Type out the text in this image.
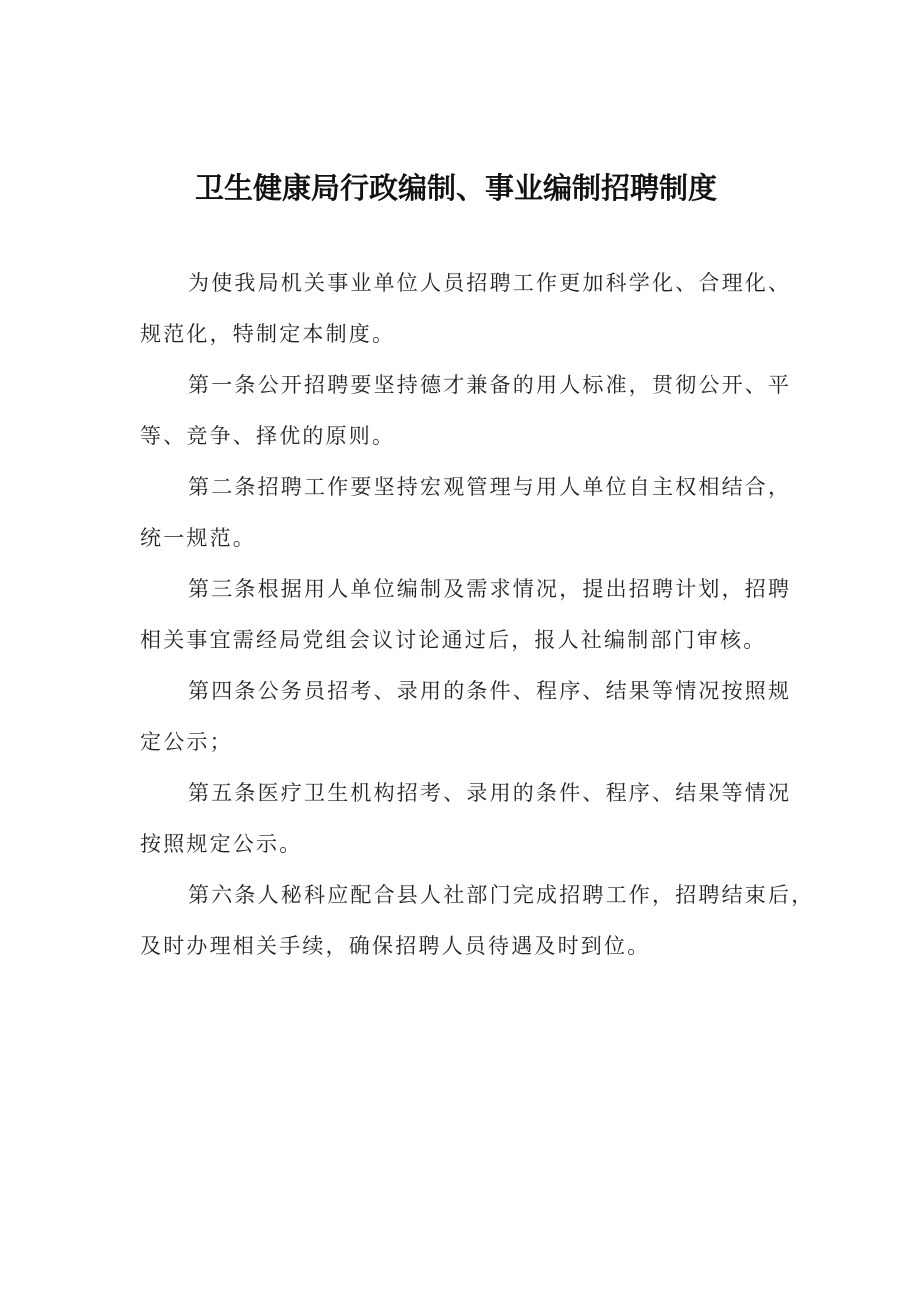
卫生健康局行政编制、事业编制招聘制度

为使我局机关事业单位人员招聘工作更加科学化、合理化、
规范化，特制定本制度。

第一条公开招聘要坚持德才兼备的用人标准，贯彻公开、平
等、竞争、择优的原则。

第二条招聘工作要坚持宏观管理与用人单位自主权相结合，
统一规范。

第三条根据用人单位编制及需求情况，提出招聘计划，招聘
相关事宜需经局党组会议讨论通过后，报人社编制部门审核。

第四条公务员招考、录用的条件、程序、结果等情况按照规
定公示；

第五条医疗卫生机构招考、录用的条件、程序、结果等情况
按照规定公示。

第六条人秘科应配合县人社部门完成招聘工作，招聘结束后，
及时办理相关手续，确保招聘人员待遇及时到位。
